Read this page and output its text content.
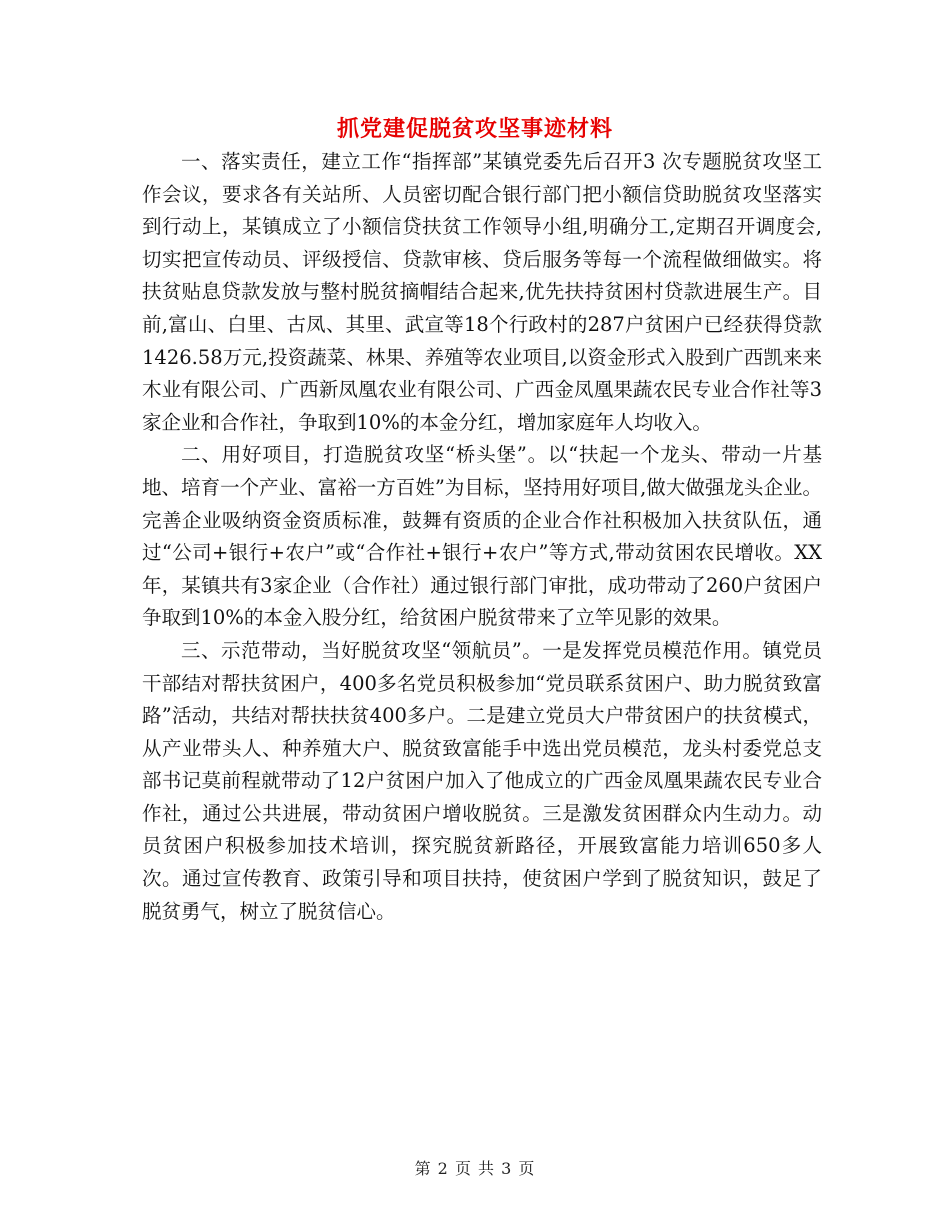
抓党建促脱贫攻坚事迹材料

一、落实责任，建立工作“指挥部”某镇党委先后召开3 次专题脱贫攻坚工作会议，要求各有关站所、人员密切配合银行部门把小额信贷助脱贫攻坚落实到行动上，某镇成立了小额信贷扶贫工作领导小组,明确分工,定期召开调度会,切实把宣传动员、评级授信、贷款审核、贷后服务等每一个流程做细做实。将扶贫贴息贷款发放与整村脱贫摘帽结合起来,优先扶持贫困村贷款进展生产。目前,富山、白里、古凤、其里、武宣等18个行政村的287户贫困户已经获得贷款1426.58万元,投资蔬菜、林果、养殖等农业项目,以资金形式入股到广西凯来来木业有限公司、广西新凤凰农业有限公司、广西金凤凰果蔬农民专业合作社等3家企业和合作社，争取到10%的本金分红，增加家庭年人均收入。

二、用好项目，打造脱贫攻坚“桥头堡”。以“扶起一个龙头、带动一片基地、培育一个产业、富裕一方百姓”为目标，坚持用好项目,做大做强龙头企业。完善企业吸纳资金资质标准，鼓舞有资质的企业合作社积极加入扶贫队伍，通过“公司+银行+农户”或“合作社+银行+农户”等方式,带动贫困农民增收。XX年，某镇共有3家企业（合作社）通过银行部门审批，成功带动了260户贫困户争取到10%的本金入股分红，给贫困户脱贫带来了立竿见影的效果。

三、示范带动，当好脱贫攻坚“领航员”。一是发挥党员模范作用。镇党员干部结对帮扶贫困户，400多名党员积极参加“党员联系贫困户、助力脱贫致富路”活动，共结对帮扶扶贫400多户。二是建立党员大户带贫困户的扶贫模式，从产业带头人、种养殖大户、脱贫致富能手中选出党员模范，龙头村委党总支部书记莫前程就带动了12户贫困户加入了他成立的广西金凤凰果蔬农民专业合作社，通过公共进展，带动贫困户增收脱贫。三是激发贫困群众内生动力。动员贫困户积极参加技术培训，探究脱贫新路径，开展致富能力培训650多人次。通过宣传教育、政策引导和项目扶持，使贫困户学到了脱贫知识，鼓足了脱贫勇气，树立了脱贫信心。

第 2 页 共 3 页
